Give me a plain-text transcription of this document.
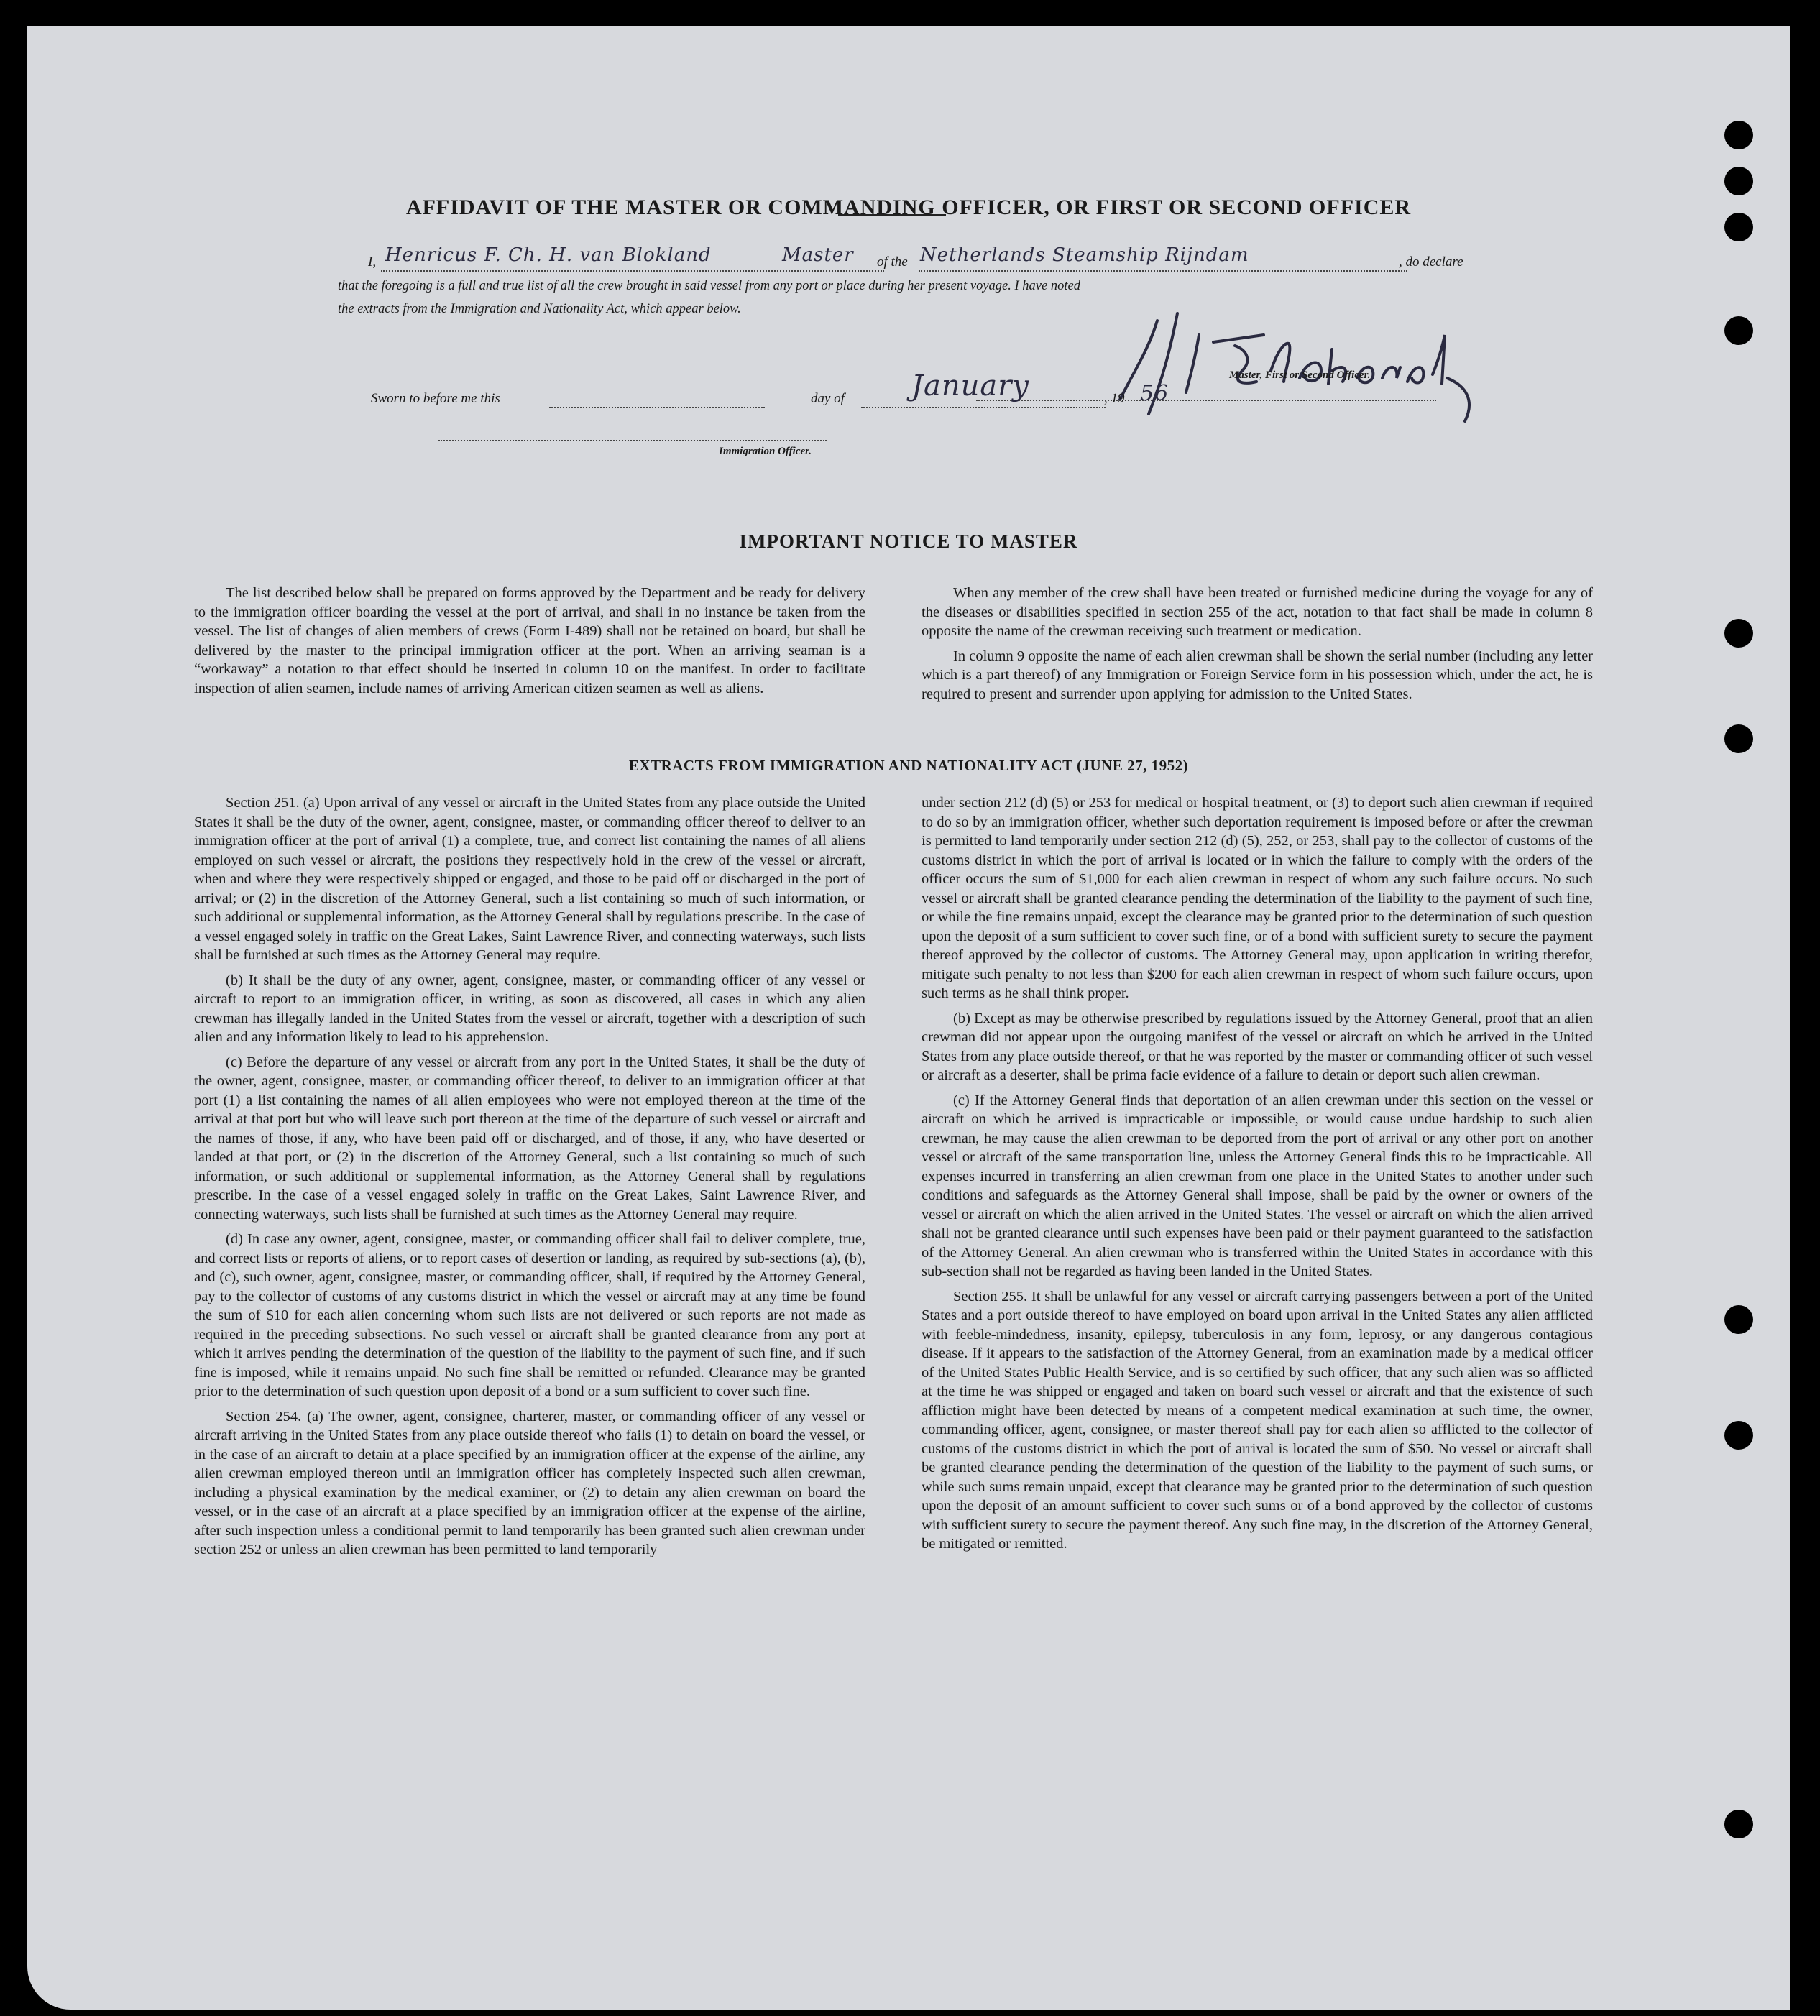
AFFIDAVIT OF THE MASTER OR COMMANDING OFFICER, OR FIRST OR SECOND OFFICER
I, Henricus F. Ch. H. van Blokland	Master of the Netherlands Steamship Rijndam	, do declare
that the foregoing is a full and true list of all the crew brought in said vessel from any port or place during her present voyage. I have noted
the extracts from the Immigration and Nationality Act, which appear below.
Master, First or Second Officer.
Sworn to before me this	day of January	, 19 56
Immigration Officer.
IMPORTANT NOTICE TO MASTER

The list described below shall be prepared on forms approved by the Department and be ready for delivery to the immigration officer boarding the vessel at the port of arrival, and shall in no instance be taken from the vessel. The list of changes of alien members of crews (Form I-489) shall not be retained on board, but shall be delivered by the master to the principal immigration officer at the port. When an arriving seaman is a “workaway” a notation to that effect should be inserted in column 10 on the manifest. In order to facilitate inspection of alien seamen, include names of arriving American citizen seamen as well as aliens.

When any member of the crew shall have been treated or furnished medicine during the voyage for any of the diseases or disabilities specified in section 255 of the act, notation to that fact shall be made in column 8 opposite the name of the crewman receiving such treatment or medication.

In column 9 opposite the name of each alien crewman shall be shown the serial number (including any letter which is a part thereof) of any Immigration or Foreign Service form in his possession which, under the act, he is required to present and surrender upon applying for admission to the United States.

EXTRACTS FROM IMMIGRATION AND NATIONALITY ACT (JUNE 27, 1952)

Section 251. (a) Upon arrival of any vessel or aircraft in the United States from any place outside the United States it shall be the duty of the owner, agent, consignee, master, or commanding officer thereof to deliver to an immigration officer at the port of arrival (1) a complete, true, and correct list containing the names of all aliens employed on such vessel or aircraft, the positions they respectively hold in the crew of the vessel or aircraft, when and where they were respectively shipped or engaged, and those to be paid off or discharged in the port of arrival; or (2) in the discretion of the Attorney General, such a list containing so much of such information, or such additional or supplemental information, as the Attorney General shall by regulations prescribe. In the case of a vessel engaged solely in traffic on the Great Lakes, Saint Lawrence River, and connecting waterways, such lists shall be furnished at such times as the Attorney General may require.

(b) It shall be the duty of any owner, agent, consignee, master, or commanding officer of any vessel or aircraft to report to an immigration officer, in writing, as soon as discovered, all cases in which any alien crewman has illegally landed in the United States from the vessel or aircraft, together with a description of such alien and any information likely to lead to his apprehension.

(c) Before the departure of any vessel or aircraft from any port in the United States, it shall be the duty of the owner, agent, consignee, master, or commanding officer thereof, to deliver to an immigration officer at that port (1) a list containing the names of all alien employees who were not employed thereon at the time of the arrival at that port but who will leave such port thereon at the time of the departure of such vessel or aircraft and the names of those, if any, who have been paid off or discharged, and of those, if any, who have deserted or landed at that port, or (2) in the discretion of the Attorney General, such a list containing so much of such information, or such additional or supplemental information, as the Attorney General shall by regulations prescribe. In the case of a vessel engaged solely in traffic on the Great Lakes, Saint Lawrence River, and connecting waterways, such lists shall be furnished at such times as the Attorney General may require.

(d) In case any owner, agent, consignee, master, or commanding officer shall fail to deliver complete, true, and correct lists or reports of aliens, or to report cases of desertion or landing, as required by sub-sections (a), (b), and (c), such owner, agent, consignee, master, or commanding officer, shall, if required by the Attorney General, pay to the collector of customs of any customs district in which the vessel or aircraft may at any time be found the sum of $10 for each alien concerning whom such lists are not delivered or such reports are not made as required in the preceding subsections. No such vessel or aircraft shall be granted clearance from any port at which it arrives pending the determination of the question of the liability to the payment of such fine, and if such fine is imposed, while it remains unpaid. No such fine shall be remitted or refunded. Clearance may be granted prior to the determination of such question upon deposit of a bond or a sum sufficient to cover such fine.

Section 254. (a) The owner, agent, consignee, charterer, master, or commanding officer of any vessel or aircraft arriving in the United States from any place outside thereof who fails (1) to detain on board the vessel, or in the case of an aircraft to detain at a place specified by an immigration officer at the expense of the airline, any alien crewman employed thereon until an immigration officer has completely inspected such alien crewman, including a physical examination by the medical examiner, or (2) to detain any alien crewman on board the vessel, or in the case of an aircraft at a place specified by an immigration officer at the expense of the airline, after such inspection unless a conditional permit to land temporarily has been granted such alien crewman under section 252 or unless an alien crewman has been permitted to land temporarily

under section 212 (d) (5) or 253 for medical or hospital treatment, or (3) to deport such alien crewman if required to do so by an immigration officer, whether such deportation requirement is imposed before or after the crewman is permitted to land temporarily under section 212 (d) (5), 252, or 253, shall pay to the collector of customs of the customs district in which the port of arrival is located or in which the failure to comply with the orders of the officer occurs the sum of $1,000 for each alien crewman in respect of whom any such failure occurs. No such vessel or aircraft shall be granted clearance pending the determination of the liability to the payment of such fine, or while the fine remains unpaid, except the clearance may be granted prior to the determination of such question upon the deposit of a sum sufficient to cover such fine, or of a bond with sufficient surety to secure the payment thereof approved by the collector of customs. The Attorney General may, upon application in writing therefor, mitigate such penalty to not less than $200 for each alien crewman in respect of whom such failure occurs, upon such terms as he shall think proper.

(b) Except as may be otherwise prescribed by regulations issued by the Attorney General, proof that an alien crewman did not appear upon the outgoing manifest of the vessel or aircraft on which he arrived in the United States from any place outside thereof, or that he was reported by the master or commanding officer of such vessel or aircraft as a deserter, shall be prima facie evidence of a failure to detain or deport such alien crewman.

(c) If the Attorney General finds that deportation of an alien crewman under this section on the vessel or aircraft on which he arrived is impracticable or impossible, or would cause undue hardship to such alien crewman, he may cause the alien crewman to be deported from the port of arrival or any other port on another vessel or aircraft of the same transportation line, unless the Attorney General finds this to be impracticable. All expenses incurred in transferring an alien crewman from one place in the United States to another under such conditions and safeguards as the Attorney General shall impose, shall be paid by the owner or owners of the vessel or aircraft on which the alien arrived in the United States. The vessel or aircraft on which the alien arrived shall not be granted clearance until such expenses have been paid or their payment guaranteed to the satisfaction of the Attorney General. An alien crewman who is transferred within the United States in accordance with this sub-section shall not be regarded as having been landed in the United States.

Section 255. It shall be unlawful for any vessel or aircraft carrying passengers between a port of the United States and a port outside thereof to have employed on board upon arrival in the United States any alien afflicted with feeble-mindedness, insanity, epilepsy, tuberculosis in any form, leprosy, or any dangerous contagious disease. If it appears to the satisfaction of the Attorney General, from an examination made by a medical officer of the United States Public Health Service, and is so certified by such officer, that any such alien was so afflicted at the time he was shipped or engaged and taken on board such vessel or aircraft and that the existence of such affliction might have been detected by means of a competent medical examination at such time, the owner, commanding officer, agent, consignee, or master thereof shall pay for each alien so afflicted to the collector of customs of the customs district in which the port of arrival is located the sum of $50. No vessel or aircraft shall be granted clearance pending the determination of the question of the liability to the payment of such sums, or while such sums remain unpaid, except that clearance may be granted prior to the determination of such question upon the deposit of an amount sufficient to cover such sums or of a bond approved by the collector of customs with sufficient surety to secure the payment thereof. Any such fine may, in the discretion of the Attorney General, be mitigated or remitted.
